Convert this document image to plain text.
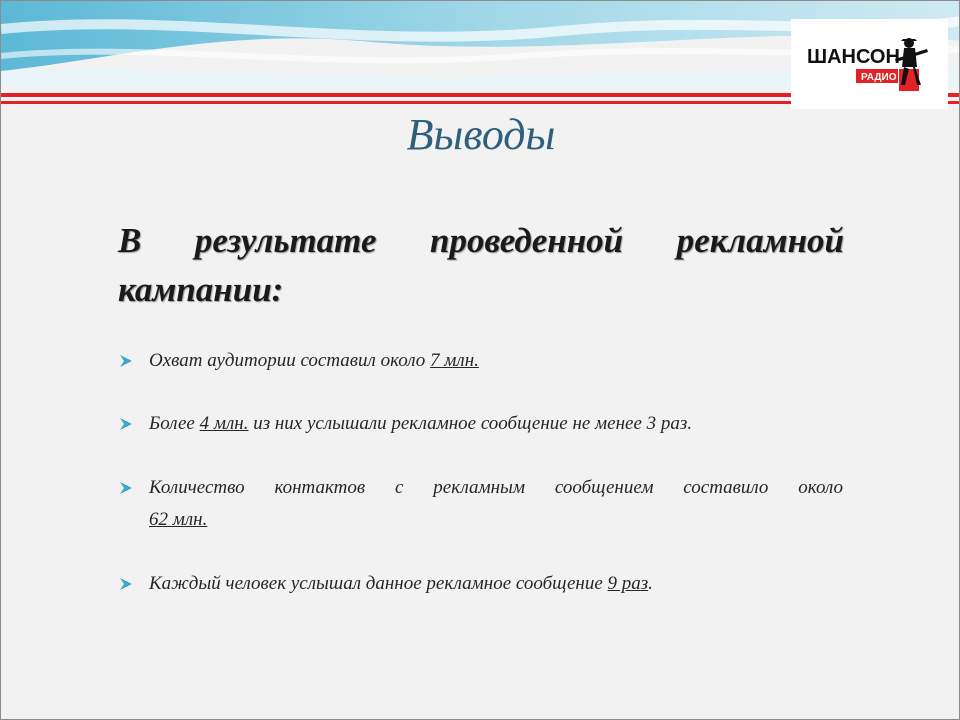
ШАНСОН
РАДИО
Выводы
В результате проведенной рекламной
кампании:
Охват аудитории составил около 7 млн.
Более 4 млн. из них услышали рекламное сообщение не менее 3 раз.
Количество контактов с рекламным сообщением составило около
62 млн.
Каждый человек услышал данное рекламное сообщение 9 раз.
